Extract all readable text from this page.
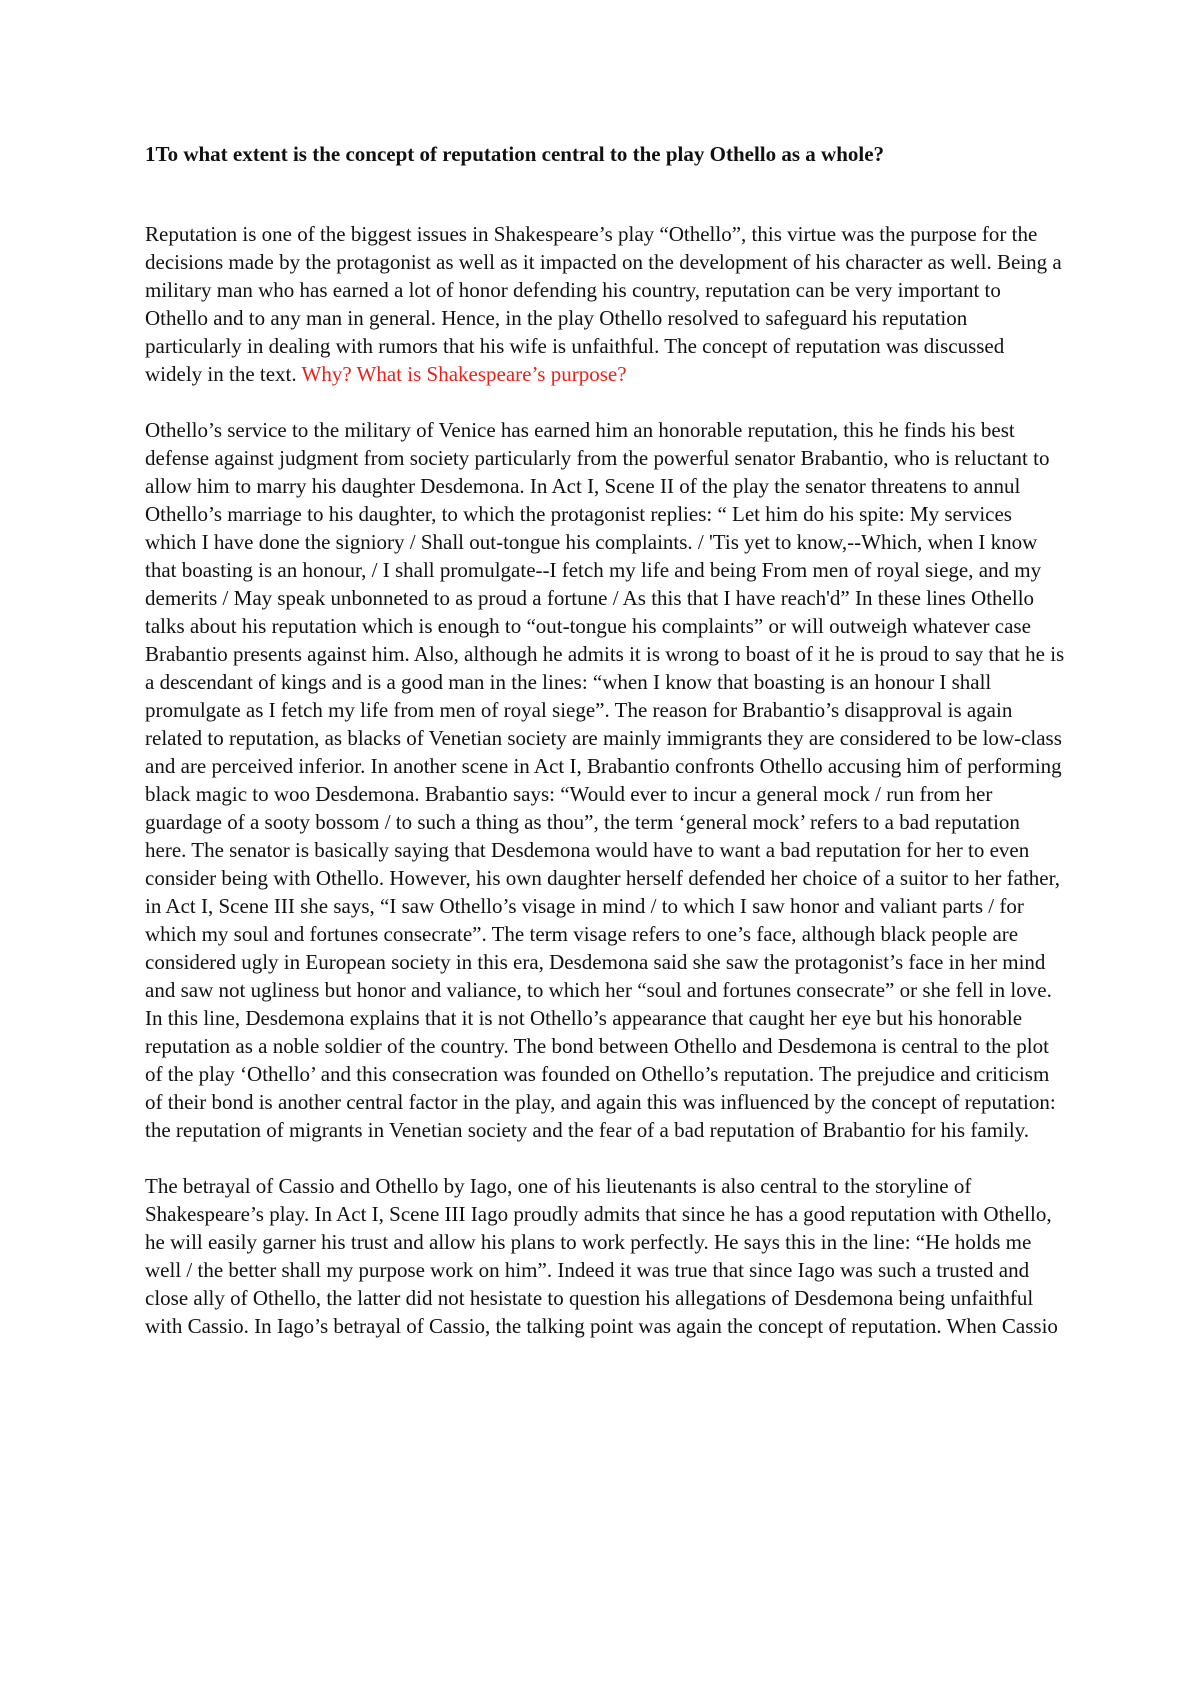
1To what extent is the concept of reputation central to the play Othello as a whole?

Reputation is one of the biggest issues in Shakespeare’s play “Othello”, this virtue was the purpose for the decisions made by the protagonist as well as it impacted on the development of his character as well. Being a military man who has earned a lot of honor defending his country, reputation can be very important to Othello and to any man in general. Hence, in the play Othello resolved to safeguard his reputation particularly in dealing with rumors that his wife is unfaithful. The concept of reputation was discussed widely in the text. Why? What is Shakespeare’s purpose?

Othello’s service to the military of Venice has earned him an honorable reputation, this he finds his best defense against judgment from society particularly from the powerful senator Brabantio, who is reluctant to allow him to marry his daughter Desdemona. In Act I, Scene II of the play the senator threatens to annul Othello’s marriage to his daughter, to which the protagonist replies: “ Let him do his spite: My services which I have done the signiory / Shall out-tongue his complaints. / 'Tis yet to know,--Which, when I know that boasting is an honour, / I shall promulgate--I fetch my life and being From men of royal siege, and my demerits / May speak unbonneted to as proud a fortune / As this that I have reach'd” In these lines Othello talks about his reputation which is enough to “out-tongue his complaints” or will outweigh whatever case Brabantio presents against him. Also, although he admits it is wrong to boast of it he is proud to say that he is a descendant of kings and is a good man in the lines: “when I know that boasting is an honour I shall promulgate as I fetch my life from men of royal siege”. The reason for Brabantio’s disapproval is again related to reputation, as blacks of Venetian society are mainly immigrants they are considered to be low-class and are perceived inferior. In another scene in Act I, Brabantio confronts Othello accusing him of performing black magic to woo Desdemona. Brabantio says: “Would ever to incur a general mock / run from her guardage of a sooty bossom / to such a thing as thou”, the term ‘general mock’ refers to a bad reputation here. The senator is basically saying that Desdemona would have to want a bad reputation for her to even consider being with Othello. However, his own daughter herself defended her choice of a suitor to her father, in Act I, Scene III she says, “I saw Othello’s visage in mind / to which I saw honor and valiant parts / for which my soul and fortunes consecrate”. The term visage refers to one’s face, although black people are considered ugly in European society in this era, Desdemona said she saw the protagonist’s face in her mind and saw not ugliness but honor and valiance, to which her “soul and fortunes consecrate” or she fell in love. In this line, Desdemona explains that it is not Othello’s appearance that caught her eye but his honorable reputation as a noble soldier of the country. The bond between Othello and Desdemona is central to the plot of the play ‘Othello’ and this consecration was founded on Othello’s reputation. The prejudice and criticism of their bond is another central factor in the play, and again this was influenced by the concept of reputation: the reputation of migrants in Venetian society and the fear of a bad reputation of Brabantio for his family.

The betrayal of Cassio and Othello by Iago, one of his lieutenants is also central to the storyline of Shakespeare’s play. In Act I, Scene III Iago proudly admits that since he has a good reputation with Othello, he will easily garner his trust and allow his plans to work perfectly. He says this in the line: “He holds me well / the better shall my purpose work on him”. Indeed it was true that since Iago was such a trusted and close ally of Othello, the latter did not hesistate to question his allegations of Desdemona being unfaithful with Cassio. In Iago’s betrayal of Cassio, the talking point was again the concept of reputation. When Cassio
